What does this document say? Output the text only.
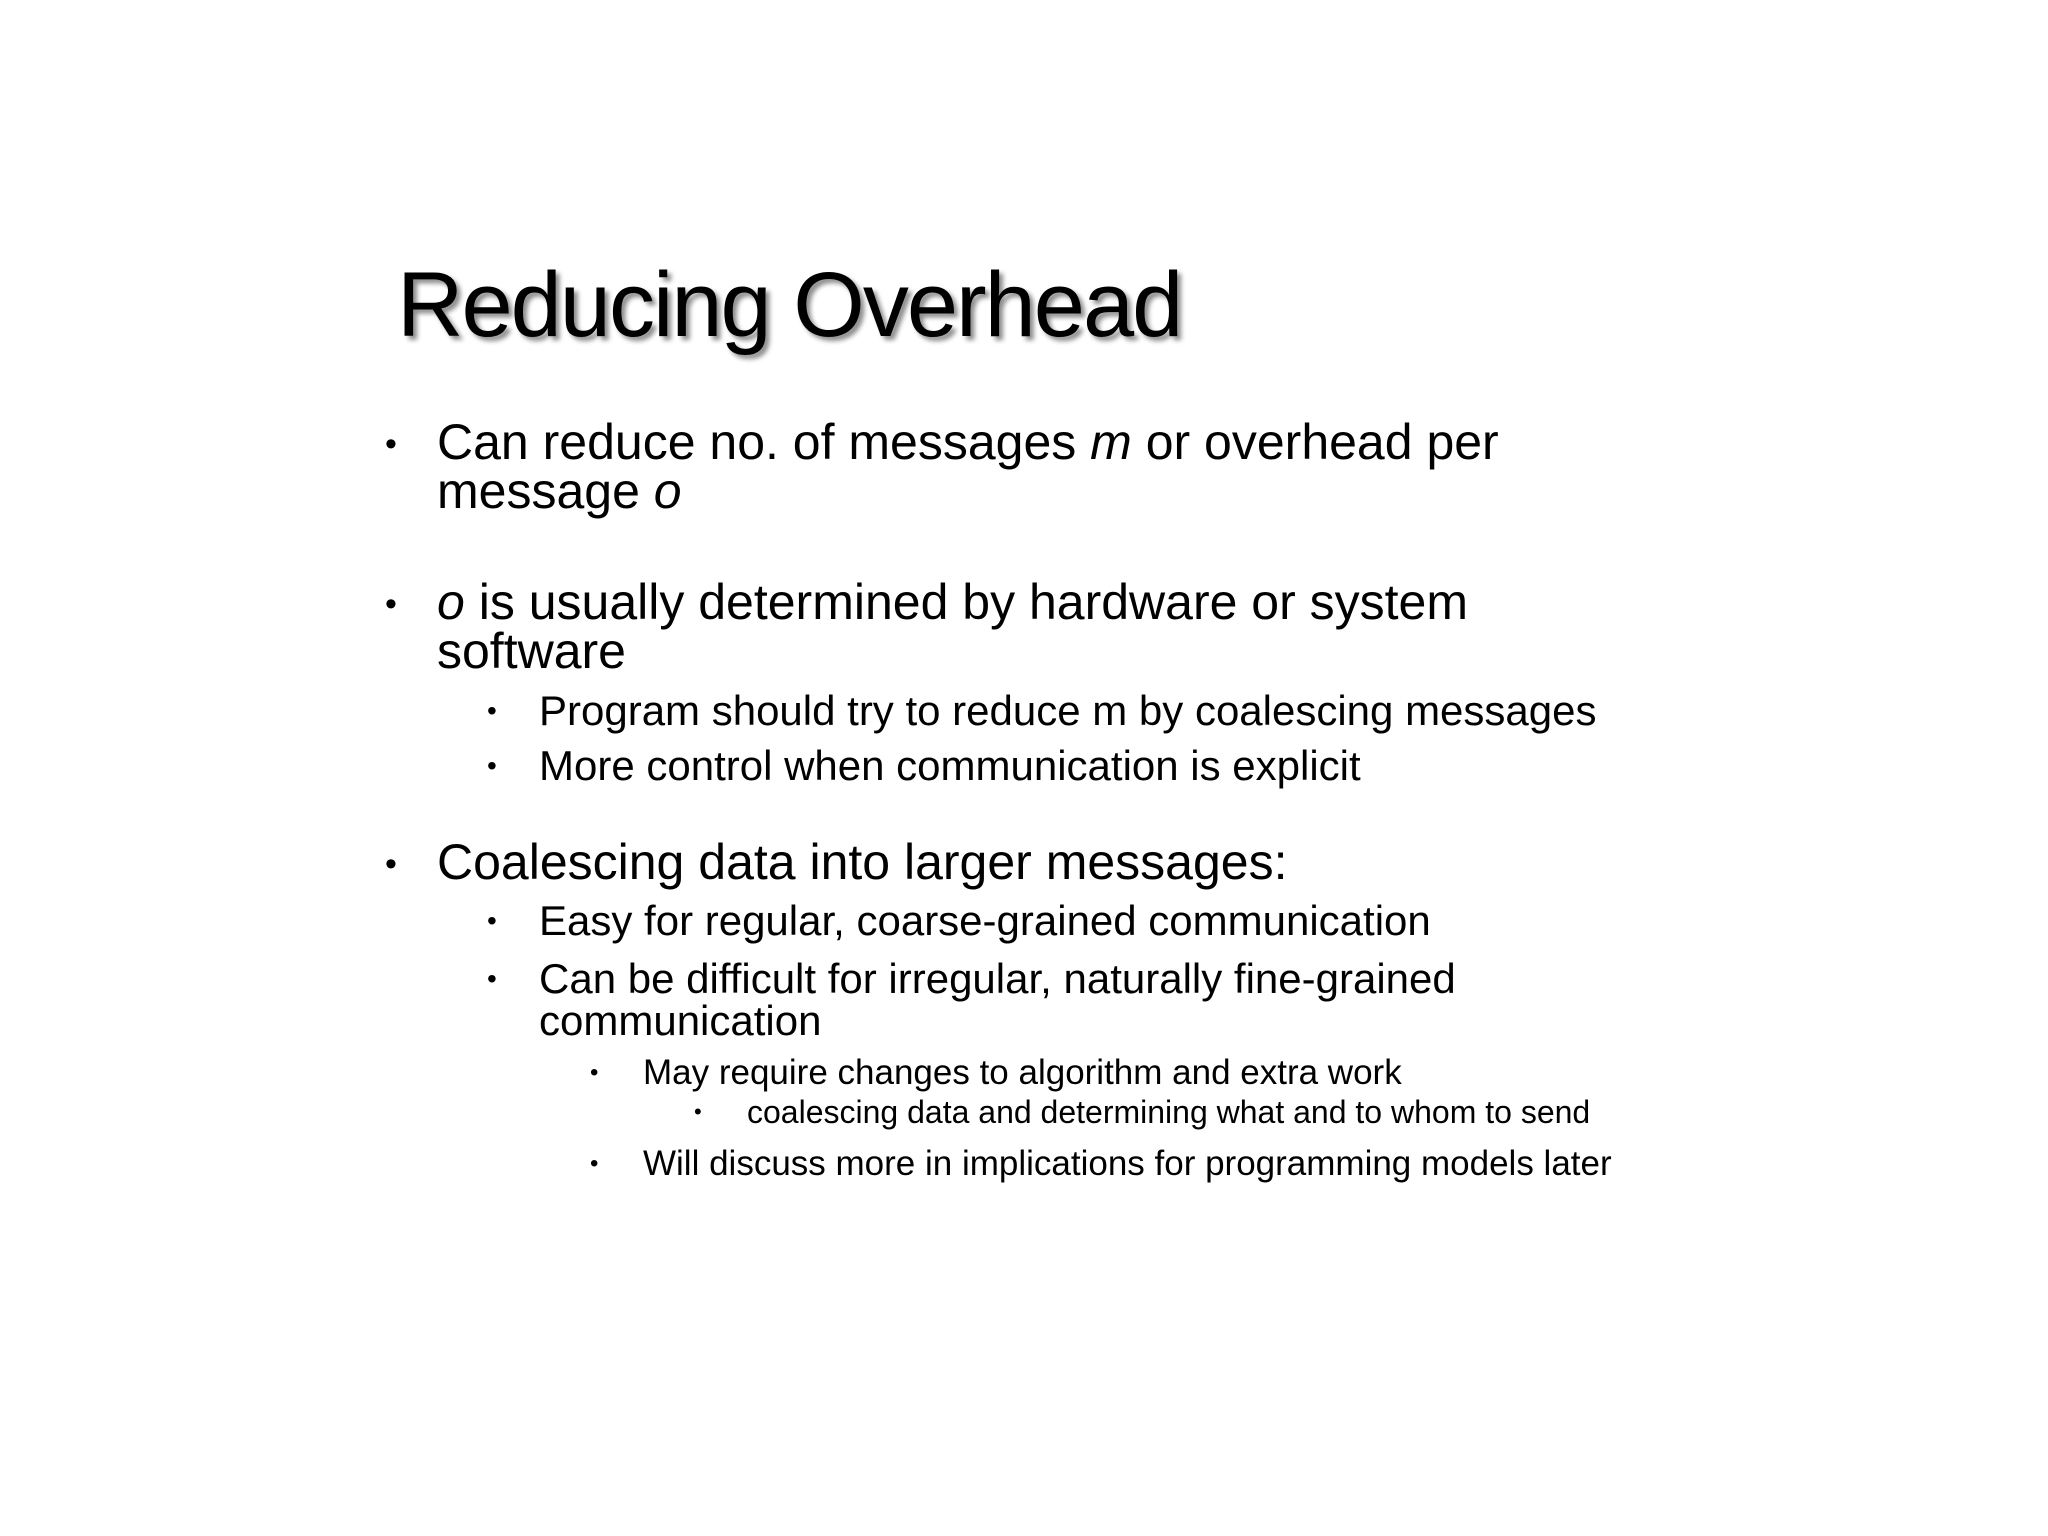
Reducing Overhead
• Can reduce no. of messages m or overhead per
message o
• o is usually determined by hardware or system
software
•	Program should try to reduce m by coalescing messages
•	More control when communication is explicit
• Coalescing data into larger messages:
•	Easy for regular, coarse-grained communication
•	Can be difficult for irregular, naturally fine-grained
communication
•	May require changes to algorithm and extra work
•	coalescing data and determining what and to whom to send
•	Will discuss more in implications for programming models later
